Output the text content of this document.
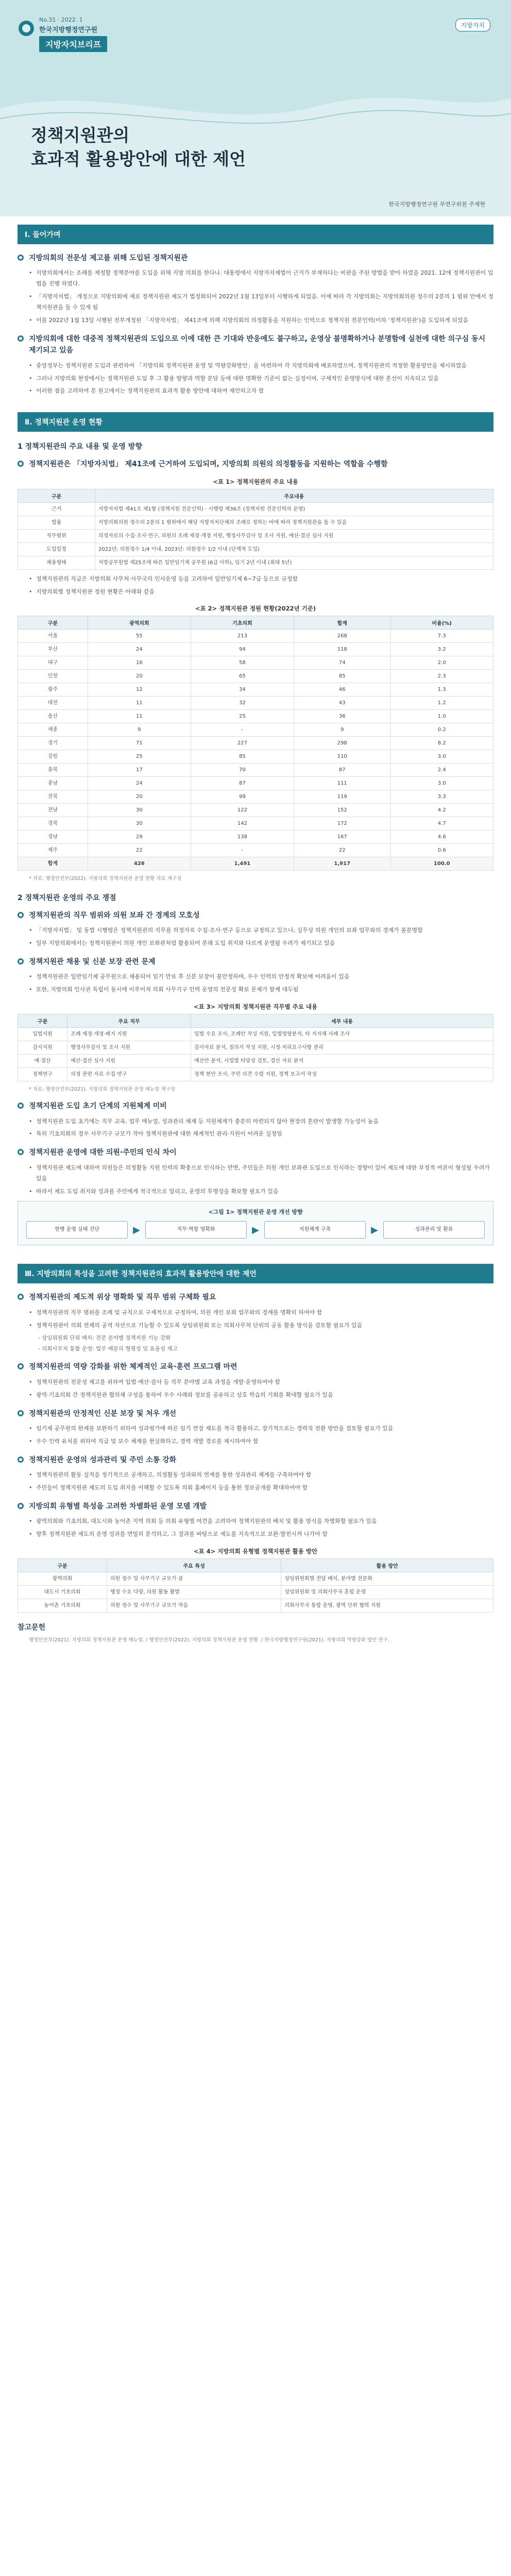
No.31 · 2022. 1
한국지방행정연구원
지방자치브리프
지방자치
정책지원관의
효과적 활용방안에 대한 제언
한국지방행정연구원 부연구위원 주재현
Ⅰ. 들어가며

지방의회의 전문성 제고를 위해 도입된 정책지원관

• 지방의회에서는 조례를 제정할 정책분야를 도입을 위해 지방 의회를 한다나. 대통령에서 지방자치제법이 근거가 부재하다는 비판을 주된 방법을 받아 하였을 2021. 12에 정책지원관이 입법을 진행 하였다.

• 「지방자치법」 개정으로 지방의회에 새로 정책지원관 제도가 법정화되어 2022년 1월 13일부터 시행하게 되었음. 이에 따라 각 지방의회는 지방의회의원 정수의 2분의 1 범위 안에서 정책지원관을 둘 수 있게 됨

• 이를 2022년 1월 13일 시행된 전부개정된 「지방자치법」 제41조에 의해 지방의회의 의정활동을 지원하는 인력으로 정책지원 전문인력(이하 '정책지원관')을 도입하게 되었음

지방의회에 대한 대중적 정책지원관의 도입으로 이에 대한 큰 기대와 반응에도 불구하고, 운영상 불명확하거나 분명함에 실천에 대한 의구심 동시 제기되고 있음

• 중앙정부는 정책지원관 도입과 관련하여 「지방의회 정책지원관 운영 및 역량강화방안」을 마련하여 각 지방의회에 배포하였으며, 정책지원관의 적정한 활용방안을 제시하였음

• 그러나 지방의회 현장에서는 정책지원관 도입 후 그 활용 방향과 역할 분담 등에 대한 명확한 기준이 없는 실정이며, 구체적인 운영방식에 대한 혼선이 지속되고 있음

• 이러한 점을 고려하여 본 원고에서는 정책지원관의 효과적 활용 방안에 대하여 제언하고자 함

Ⅱ. 정책지원관 운영 현황
1 정책지원관의 주요 내용 및 운영 방향

정책지원관은 「지방자치법」 제41조에 근거하여 도입되며, 지방의회 의원의 의정활동을 지원하는 역할을 수행함

<표 1> 정책지원관의 주요 내용
구분	주요내용
근거	지방자치법 제41조 제1항 (정책지원 전문인력) · 시행령 제36조 (정책지원 전문인력의 운영)
법률	지방의회의원 정수의 2분의 1 범위에서 해당 지방자치단체의 조례로 정하는 바에 따라 정책지원관을 둘 수 있음
직무범위	의정자료의 수집·조사·연구, 의원의 조례 제정·개정 지원, 행정사무감사 및 조사 지원, 예산·결산 심사 지원
도입일정	2022년: 의원정수 1/4 이내, 2023년: 의원정수 1/2 이내 (단계적 도입)
채용형태	지방공무원법 제25조에 따른 일반임기제 공무원 (6급 이하), 임기 2년 이내 (최대 5년)
• 정책지원관의 직급은 지방의회 사무처·사무국의 인사운영 등을 고려하여 일반임기제 6~7급 등으로 규정함

• 지방의회별 정책지원관 정원 현황은 아래와 같음

<표 2> 정책지원관 정원 현황(2022년 기준)
구분	광역의회	기초의회	합계	비율(%)
서울	55	213	268	7.3
부산	24	94	118	3.2
대구	16	58	74	2.0
인천	20	65	85	2.3
광주	12	34	46	1.3
대전	11	32	43	1.2
울산	11	25	36	1.0
세종	9	-	9	0.2
경기	71	227	298	8.2
강원	25	85	110	3.0
충북	17	70	87	2.4
충남	24	87	111	3.0
전북	20	99	119	3.3
전남	30	122	152	4.2
경북	30	142	172	4.7
경남	29	138	167	4.6
제주	22	-	22	0.6
합계	426	1,491	1,917	100.0
* 자료: 행정안전부(2022). 지방의회 정책지원관 운영 현황 자료 재구성
2 정책지원관 운영의 주요 쟁점

정책지원관의 직무 범위와 의원 보좌 간 경계의 모호성

• 「지방자치법」 및 동법 시행령은 정책지원관의 직무를 의정자료 수집·조사·연구 등으로 규정하고 있으나, 실무상 의원 개인의 보좌 업무와의 경계가 불분명함

• 일부 지방의회에서는 정책지원관이 의원 개인 보좌관처럼 활용되어 본래 도입 취지와 다르게 운영될 우려가 제기되고 있음

정책지원관 채용 및 신분 보장 관련 문제

• 정책지원관은 일반임기제 공무원으로 채용되어 임기 만료 후 신분 보장이 불안정하며, 우수 인력의 안정적 확보에 어려움이 있음

• 또한, 지방의회 인사권 독립이 동시에 이루어져 의회 사무기구 인력 운영의 전문성 확보 문제가 함께 대두됨

<표 3> 지방의회 정책지원관 직무별 주요 내용
구분	주요 직무	세부 내용
입법지원	조례 제정·개정·폐지 지원	입법 수요 조사, 조례안 작성 지원, 입법영향분석, 타 지자체 사례 조사
감사지원	행정사무감사 및 조사 지원	감사자료 분석, 질의서 작성 지원, 시정·처리요구사항 관리
예·결산	예산·결산 심사 지원	예산안 분석, 사업별 타당성 검토, 결산 자료 분석
정책연구	의정 관련 자료 수집·연구	정책 현안 조사, 주민 의견 수렴 지원, 정책 보고서 작성
* 자료: 행정안전부(2021). 지방의회 정책지원관 운영 매뉴얼 재구성

정책지원관 도입 초기 단계의 지원체계 미비

• 정책지원관 도입 초기에는 직무 교육, 업무 매뉴얼, 성과관리 체계 등 지원체계가 충분히 마련되지 않아 현장의 혼란이 발생할 가능성이 높음

• 특히 기초의회의 경우 사무기구 규모가 작아 정책지원관에 대한 체계적인 관리·지원이 어려운 실정임

정책지원관 운영에 대한 의원·주민의 인식 차이

• 정책지원관 제도에 대하여 의원들은 의정활동 지원 인력의 확충으로 인식하는 반면, 주민들은 의원 개인 보좌관 도입으로 인식하는 경향이 있어 제도에 대한 부정적 여론이 형성될 우려가 있음

• 따라서 제도 도입 취지와 성과를 주민에게 적극적으로 알리고, 운영의 투명성을 확보할 필요가 있음

<그림 1> 정책지원관 운영 개선 방향
현행 운영 실태 진단	▶	직무·역할 명확화	▶	지원체계 구축	▶	성과관리 및 환류
Ⅲ. 지방의회의 특성을 고려한 정책지원관의 효과적 활용방안에 대한 제언

정책지원관의 제도적 위상 명확화 및 직무 범위 구체화 필요

• 정책지원관의 직무 범위를 조례 및 규칙으로 구체적으로 규정하여, 의원 개인 보좌 업무와의 경계를 명확히 하여야 함

• 정책지원관이 의회 전체의 공적 자산으로 기능할 수 있도록 상임위원회 또는 의회사무처 단위의 공동 활용 방식을 검토할 필요가 있음

- 상임위원회 단위 배치: 전문 분야별 정책지원 기능 강화

- 의회사무처 통합 운영: 업무 배분의 형평성 및 효율성 제고

정책지원관의 역량 강화를 위한 체계적인 교육·훈련 프로그램 마련

• 정책지원관의 전문성 제고를 위하여 입법·예산·감사 등 직무 분야별 교육 과정을 개발·운영하여야 함

• 광역·기초의회 간 정책지원관 협의체 구성을 통하여 우수 사례와 정보를 공유하고 상호 학습의 기회를 확대할 필요가 있음

정책지원관의 안정적인 신분 보장 및 처우 개선

• 임기제 공무원의 한계를 보완하기 위하여 성과평가에 따른 임기 연장 제도를 적극 활용하고, 장기적으로는 경력직 전환 방안을 검토할 필요가 있음

• 우수 인력 유치를 위하여 직급 및 보수 체계를 현실화하고, 경력 개발 경로를 제시하여야 함

정책지원관 운영의 성과관리 및 주민 소통 강화

• 정책지원관의 활동 실적을 정기적으로 공개하고, 의정활동 성과와의 연계를 통한 성과관리 체계를 구축하여야 함

• 주민들이 정책지원관 제도의 도입 취지를 이해할 수 있도록 의회 홈페이지 등을 통한 정보공개를 확대하여야 함

지방의회 유형별 특성을 고려한 차별화된 운영 모델 개발

• 광역의회와 기초의회, 대도시와 농어촌 지역 의회 등 의회 유형별 여건을 고려하여 정책지원관의 배치 및 활용 방식을 차별화할 필요가 있음

• 향후 정책지원관 제도의 운영 성과를 면밀히 분석하고, 그 결과를 바탕으로 제도를 지속적으로 보완·발전시켜 나가야 함

<표 4> 지방의회 유형별 정책지원관 활용 방안
구분	주요 특성	활용 방안
광역의회	의원 정수 및 사무기구 규모가 큼	상임위원회별 전담 배치, 분야별 전문화
대도시 기초의회	행정 수요 다양, 의원 활동 활발	상임위원회 및 의회사무국 혼합 운영
농어촌 기초의회	의원 정수 및 사무기구 규모가 작음	의회사무국 통합 운영, 광역 단위 협력 지원
참고문헌
행정안전부(2021). 지방의회 정책지원관 운영 매뉴얼. / 행정안전부(2022). 지방의회 정책지원관 운영 현황. / 한국지방행정연구원(2021). 지방의회 역량강화 방안 연구.
